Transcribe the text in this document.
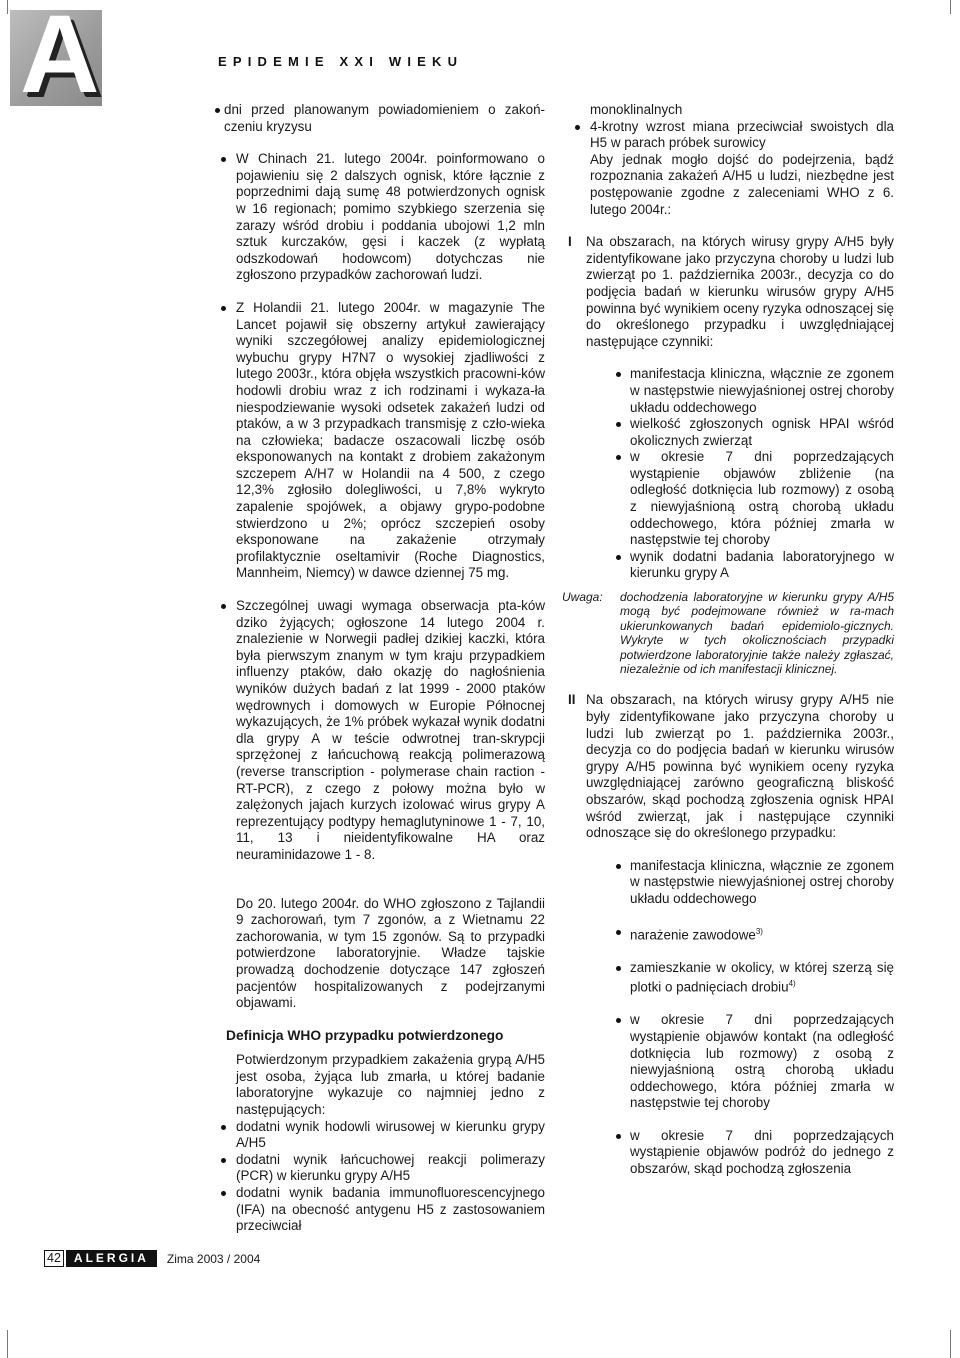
A	EPIDEMIE XXI WIEKU
dni przed planowanym powiadomieniem o zakoń-czeniu kryzysu
W Chinach 21. lutego 2004r. poinformowano o pojawieniu się 2 dalszych ognisk, które łącznie z poprzednimi dają sumę 48 potwierdzonych ognisk w 16 regionach; pomimo szybkiego szerzenia się zarazy wśród drobiu i poddania ubojowi 1,2 mln sztuk kurczaków, gęsi i kaczek (z wypłatą odszkodowań hodowcom) dotychczas nie zgłoszono przypadków zachorowań ludzi.
Z Holandii 21. lutego 2004r. w magazynie The Lancet pojawił się obszerny artykuł zawierający wyniki szczegółowej analizy epidemiologicznej wybuchu grypy H7N7 o wysokiej zjadliwości z lutego 2003r., która objęła wszystkich pracowni-ków hodowli drobiu wraz z ich rodzinami i wykaza-ła niespodziewanie wysoki odsetek zakażeń ludzi od ptaków, a w 3 przypadkach transmisję z czło-wieka na człowieka; badacze oszacowali liczbę osób eksponowanych na kontakt z drobiem zakażonym szczepem A/H7 w Holandii na 4 500, z czego 12,3% zgłosiło dolegliwości, u 7,8% wykryto zapalenie spojówek, a objawy grypo-podobne stwierdzono u 2%; oprócz szczepień osoby eksponowane na zakażenie otrzymały profilaktycznie oseltamivir (Roche Diagnostics, Mannheim, Niemcy) w dawce dziennej 75 mg.
Szczególnej uwagi wymaga obserwacja pta-ków dziko żyjących; ogłoszone 14 lutego 2004 r. znalezienie w Norwegii padłej dzikiej kaczki, która była pierwszym znanym w tym kraju przypadkiem influenzy ptaków, dało okazję do nagłośnienia wyników dużych badań z lat 1999 - 2000 ptaków wędrownych i domowych w Europie Północnej wykazujących, że 1% próbek wykazał wynik dodatni dla grypy A w teście odwrotnej tran-skrypcji sprzężonej z łańcuchową reakcją polimerazową (reverse transcription - polymerase chain raction - RT-PCR), z czego z połowy można było w zalężonych jajach kurzych izolować wirus grypy A reprezentujący podtypy hemaglutyninowe 1 - 7, 10, 11, 13 i nieidentyfikowalne HA oraz neuraminidazowe 1 - 8.

Do 20. lutego 2004r. do WHO zgłoszono z Tajlandii 9 zachorowań, tym 7 zgonów, a z Wietnamu 22 zachorowania, w tym 15 zgonów. Są to przypadki potwierdzone laboratoryjnie. Władze tajskie prowadzą dochodzenie dotyczące 147 zgłoszeń pacjentów hospitalizowanych z podejrzanymi objawami.

Definicja WHO przypadku potwierdzonego

Potwierdzonym przypadkiem zakażenia grypą A/H5 jest osoba, żyjąca lub zmarła, u której badanie laboratoryjne wykazuje co najmniej jedno z następujących:

dodatni wynik hodowli wirusowej w kierunku grypy A/H5
dodatni wynik łańcuchowej reakcji polimerazy (PCR) w kierunku grypy A/H5
dodatni wynik badania immunofluorescencyjnego (IFA) na obecność antygenu H5 z zastosowaniem przeciwciał

monoklinalnych

4-krotny wzrost miana przeciwciał swoistych dla H5 w parach próbek surowicy

Aby jednak mogło dojść do podejrzenia, bądź rozpoznania zakażeń A/H5 u ludzi, niezbędne jest postępowanie zgodne z zaleceniami WHO z 6. lutego 2004r.:

I Na obszarach, na których wirusy grypy A/H5 były zidentyfikowane jako przyczyna choroby u ludzi lub zwierząt po 1. października 2003r., decyzja co do podjęcia badań w kierunku wirusów grypy A/H5 powinna być wynikiem oceny ryzyka odnoszącej się do określonego przypadku i uwzględniającej następujące czynniki:
manifestacja kliniczna, włącznie ze zgonem w następstwie niewyjaśnionej ostrej choroby układu oddechowego
wielkość zgłoszonych ognisk HPAI wśród okolicznych zwierząt
w okresie 7 dni poprzedzających wystąpienie objawów zbliżenie (na odległość dotknięcia lub rozmowy) z osobą z niewyjaśnioną ostrą chorobą układu oddechowego, która później zmarła w następstwie tej choroby
wynik dodatni badania laboratoryjnego w kierunku grypy A
Uwaga: dochodzenia laboratoryjne w kierunku grypy A/H5 mogą być podejmowane również w ra-mach ukierunkowanych badań epidemiolo-gicznych. Wykryte w tych okolicznościach przypadki potwierdzone laboratoryjnie także należy zgłaszać, niezależnie od ich manifestacji klinicznej.
II Na obszarach, na których wirusy grypy A/H5 nie były zidentyfikowane jako przyczyna choroby u ludzi lub zwierząt po 1. października 2003r., decyzja co do podjęcia badań w kierunku wirusów grypy A/H5 powinna być wynikiem oceny ryzyka uwzględniającej zarówno geograficzną bliskość obszarów, skąd pochodzą zgłoszenia ognisk HPAI wśród zwierząt, jak i następujące czynniki odnoszące się do określonego przypadku:
manifestacja kliniczna, włącznie ze zgonem w następstwie niewyjaśnionej ostrej choroby układu oddechowego
narażenie zawodowe$^{3)}$
zamieszkanie w okolicy, w której szerzą się plotki o padnięciach drobiu$^{4)}$
w okresie 7 dni poprzedzających wystąpienie objawów kontakt (na odległość dotknięcia lub rozmowy) z osobą z niewyjaśnioną ostrą chorobą układu oddechowego, która później zmarła w następstwie tej choroby
w okresie 7 dni poprzedzających wystąpienie objawów podróż do jednego z obszarów, skąd pochodzą zgłoszenia
42	ALERGIA	Zima 2003 / 2004
